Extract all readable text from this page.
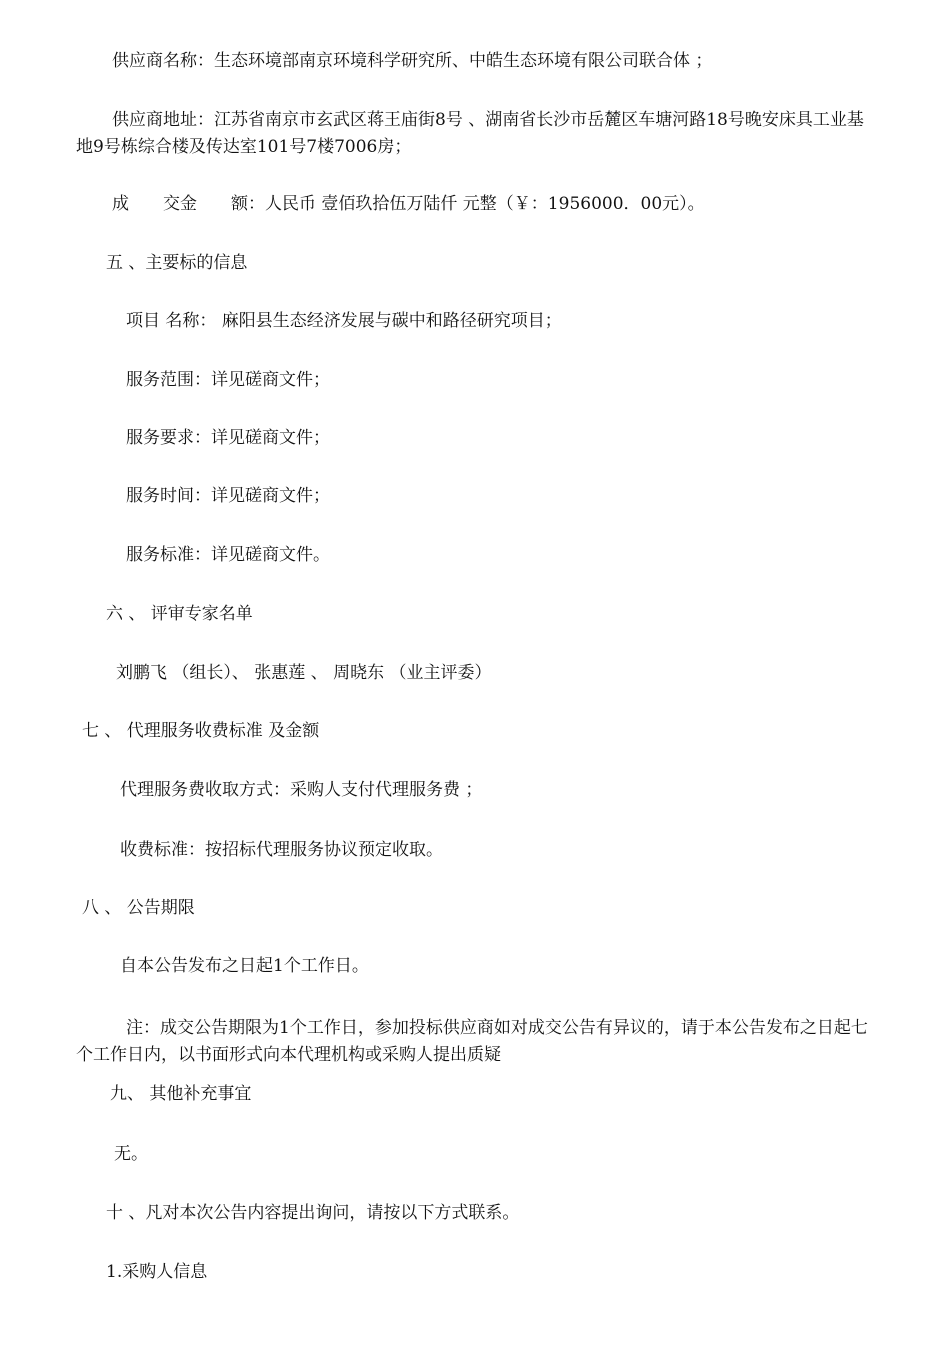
供应商名称：生态环境部南京环境科学研究所、中皓生态环境有限公司联合体 ；

供应商地址：江苏省南京市玄武区蒋王庙街8号 、湖南省长沙市岳麓区车塘河路18号晚安床具工业基地9号栋综合楼及传达室101号7楼7006房；

成　　交金　　额：人民币 壹佰玖拾伍万陆仟 元整（￥：1956000．00元）。

五 、主要标的信息

项目 名称： 麻阳县生态经济发展与碳中和路径研究项目；

服务范围：详见磋商文件；

服务要求：详见磋商文件；

服务时间：详见磋商文件；

服务标准：详见磋商文件。

六 、 评审专家名单

刘鹏飞 （组长）、 张惠莲 、 周晓东 （业主评委）

七 、 代理服务收费标准 及金额

代理服务费收取方式：采购人支付代理服务费 ；

收费标准：按招标代理服务协议预定收取。

八 、 公告期限

自本公告发布之日起1个工作日。

注：成交公告期限为1个工作日，参加投标供应商如对成交公告有异议的，请于本公告发布之日起七个工作日内，以书面形式向本代理机构或采购人提出质疑

九、 其他补充事宜

无。

十 、凡对本次公告内容提出询问，请按以下方式联系。

1.采购人信息
